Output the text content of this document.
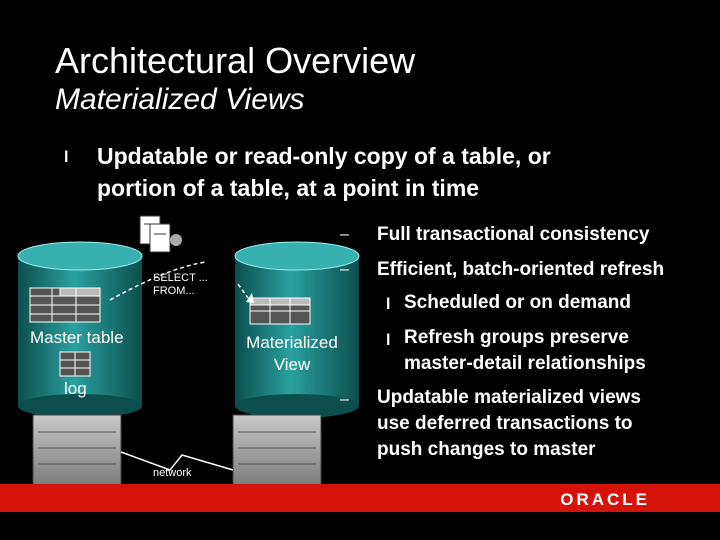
Architectural Overview
Materialized Views
l Updatable or read-only copy of a table, or
portion of a table, at a point in time
SELECT ...
FROM...
Master table
log
Materialized
View
network
– Full transactional consistency
– Efficient, batch-oriented refresh
l Scheduled or on demand
l Refresh groups preserve
master-detail relationships
– Updatable materialized views
use deferred transactions to
push changes to master
ORACLE
